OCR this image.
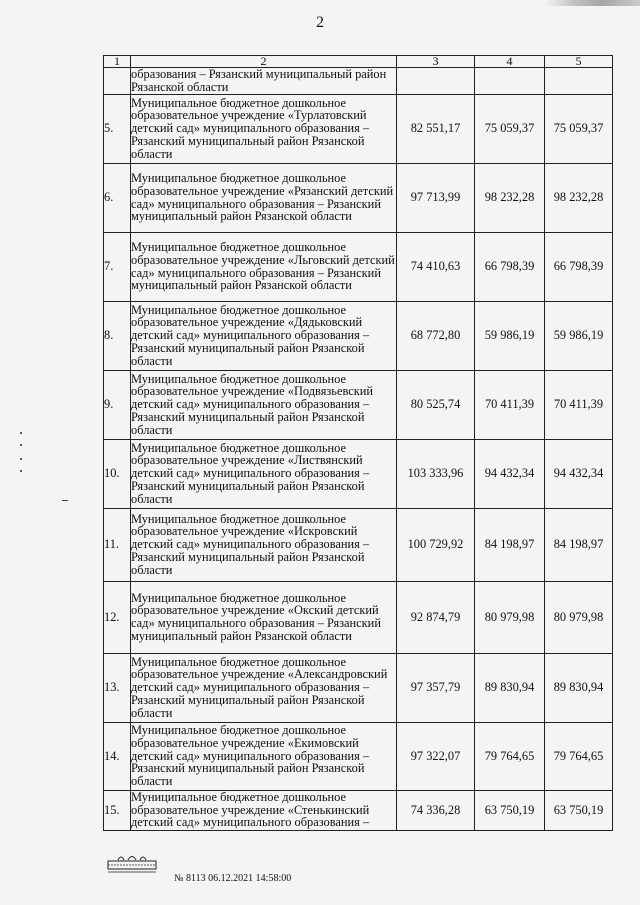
2
1	2	3	4	5
	образования – Рязанский муниципальный район Рязанской области			
5.	Муниципальное бюджетное дошкольное образовательное учреждение «Турлатовский детский сад» муниципального образования – Рязанский муниципальный район Рязанской области	82 551,17	75 059,37	75 059,37
6.	Муниципальное бюджетное дошкольное образовательное учреждение «Рязанский детский сад» муниципального образования – Рязанский муниципальный район Рязанской области	97 713,99	98 232,28	98 232,28
7.	Муниципальное бюджетное дошкольное образовательное учреждение «Льговский детский сад» муниципального образования – Рязанский муниципальный район Рязанской области	74 410,63	66 798,39	66 798,39
8.	Муниципальное бюджетное дошкольное образовательное учреждение «Дядьковский детский сад» муниципального образования – Рязанский муниципальный район Рязанской области	68 772,80	59 986,19	59 986,19
9.	Муниципальное бюджетное дошкольное образовательное учреждение «Подвязьевский детский сад» муниципального образования – Рязанский муниципальный район Рязанской области	80 525,74	70 411,39	70 411,39
10.	Муниципальное бюджетное дошкольное образовательное учреждение «Листвянский детский сад» муниципального образования – Рязанский муниципальный район Рязанской области	103 333,96	94 432,34	94 432,34
11.	Муниципальное бюджетное дошкольное образовательное учреждение «Искровский детский сад» муниципального образования – Рязанский муниципальный район Рязанской области	100 729,92	84 198,97	84 198,97
12.	Муниципальное бюджетное дошкольное образовательное учреждение «Окский детский сад» муниципального образования – Рязанский муниципальный район Рязанской области	92 874,79	80 979,98	80 979,98
13.	Муниципальное бюджетное дошкольное образовательное учреждение «Александровский детский сад» муниципального образования – Рязанский муниципальный район Рязанской области	97 357,79	89 830,94	89 830,94
14.	Муниципальное бюджетное дошкольное образовательное учреждение «Екимовский детский сад» муниципального образования – Рязанский муниципальный район Рязанской области	97 322,07	79 764,65	79 764,65
15.	Муниципальное бюджетное дошкольное образовательное учреждение «Стенькинский детский сад» муниципального образования –	74 336,28	63 750,19	63 750,19
№ 8113 06.12.2021 14:58:00
